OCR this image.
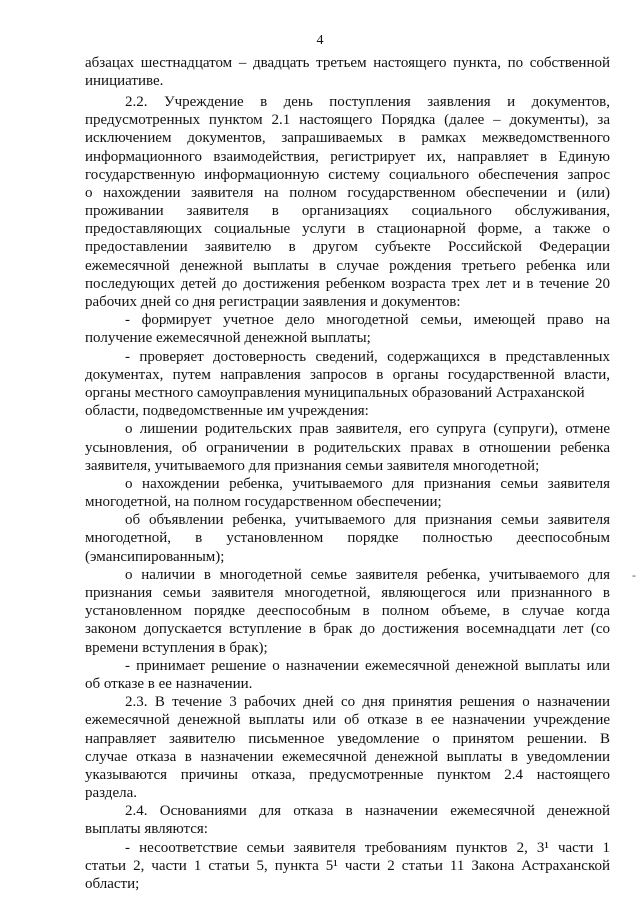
4
абзацах шестнадцатом – двадцать третьем настоящего пункта, по собственной
инициативе.
2.2. Учреждение в день поступления заявления и документов,
предусмотренных пунктом 2.1 настоящего Порядка (далее – документы), за
исключением документов, запрашиваемых в рамках межведомственного
информационного взаимодействия, регистрирует их, направляет в Единую
государственную информационную систему социального обеспечения запрос
о нахождении заявителя на полном государственном обеспечении и (или)
проживании заявителя в организациях социального обслуживания,
предоставляющих социальные услуги в стационарной форме, а также о
предоставлении заявителю в другом субъекте Российской Федерации
ежемесячной денежной выплаты в случае рождения третьего ребенка или
последующих детей до достижения ребенком возраста трех лет и в течение 20
рабочих дней со дня регистрации заявления и документов:
- формирует учетное дело многодетной семьи, имеющей право на
получение ежемесячной денежной выплаты;
- проверяет достоверность сведений, содержащихся в представленных
документах, путем направления запросов в органы государственной власти,
органы местного самоуправления муниципальных образований Астраханской
области, подведомственные им учреждения:
о лишении родительских прав заявителя, его супруга (супруги), отмене
усыновления, об ограничении в родительских правах в отношении ребенка
заявителя, учитываемого для признания семьи заявителя многодетной;
о нахождении ребенка, учитываемого для признания семьи заявителя
многодетной, на полном государственном обеспечении;
об объявлении ребенка, учитываемого для признания семьи заявителя
многодетной, в установленном порядке полностью дееспособным
(эмансипированным);
о наличии в многодетной семье заявителя ребенка, учитываемого для
признания семьи заявителя многодетной, являющегося или признанного в
установленном порядке дееспособным в полном объеме, в случае когда
законом допускается вступление в брак до достижения восемнадцати лет (со
времени вступления в брак);
- принимает решение о назначении ежемесячной денежной выплаты или
об отказе в ее назначении.
2.3. В течение 3 рабочих дней со дня принятия решения о назначении
ежемесячной денежной выплаты или об отказе в ее назначении учреждение
направляет заявителю письменное уведомление о принятом решении. В
случае отказа в назначении ежемесячной денежной выплаты в уведомлении
указываются причины отказа, предусмотренные пунктом 2.4 настоящего
раздела.
2.4. Основаниями для отказа в назначении ежемесячной денежной
выплаты являются:
- несоответствие семьи заявителя требованиям пунктов 2, 3¹ части 1
статьи 2, части 1 статьи 5, пункта 5¹ части 2 статьи 11 Закона Астраханской
области;
-
